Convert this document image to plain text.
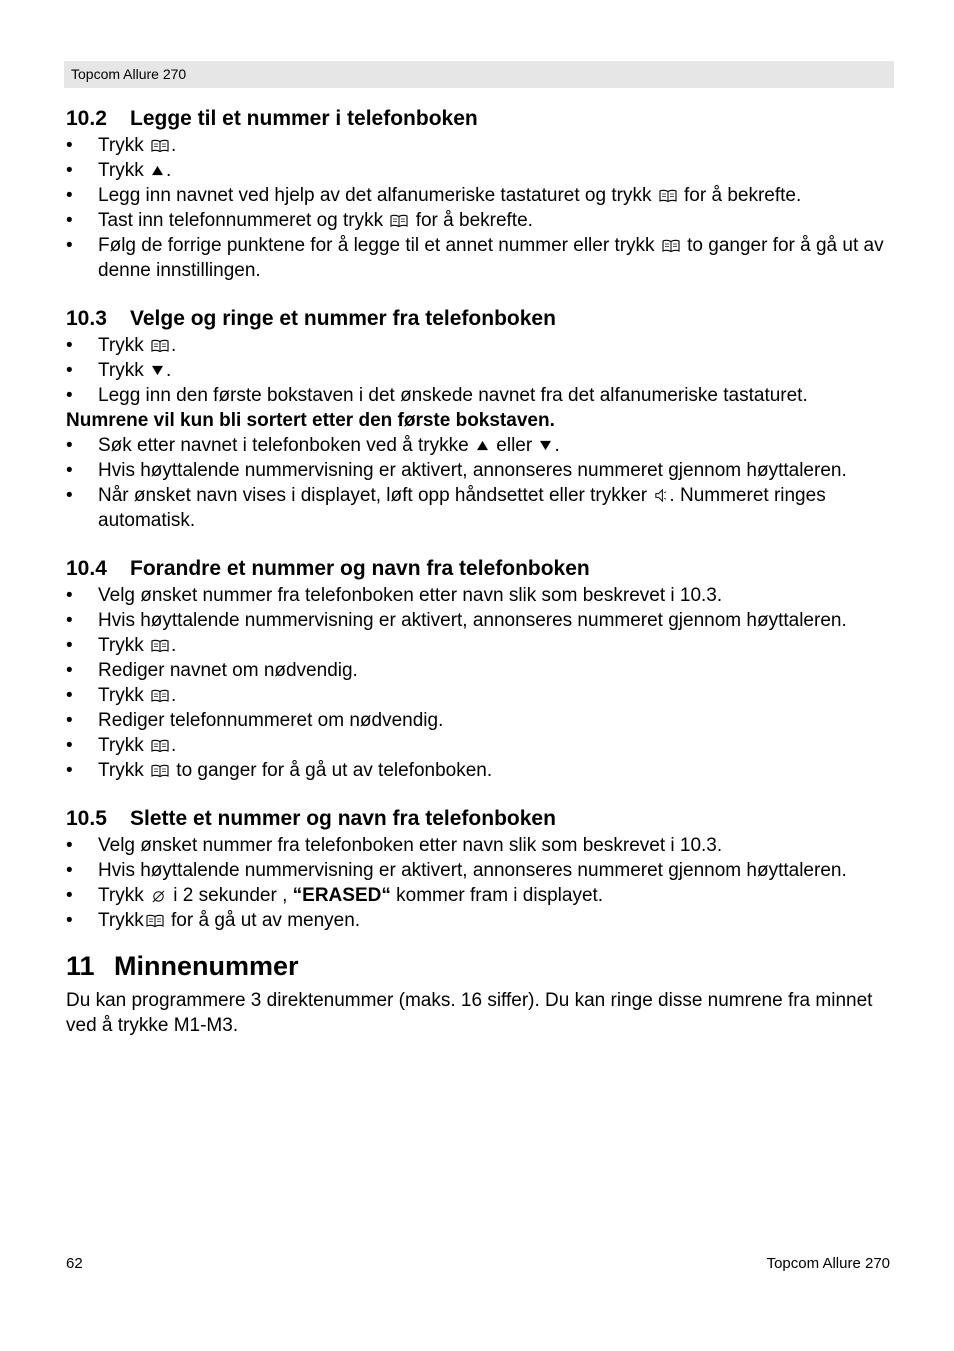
Topcom Allure 270
10.2 Legge til et nummer i telefonboken
• Trykk .
• Trykk .
• Legg inn navnet ved hjelp av det alfanumeriske tastaturet og trykk for å bekrefte.
• Tast inn telefonnummeret og trykk for å bekrefte.
• Følg de forrige punktene for å legge til et annet nummer eller trykk to ganger for å gå ut av denne innstillingen.
10.3 Velge og ringe et nummer fra telefonboken
• Trykk .
• Trykk .
• Legg inn den første bokstaven i det ønskede navnet fra det alfanumeriske tastaturet.
Numrene vil kun bli sortert etter den første bokstaven.
• Søk etter navnet i telefonboken ved å trykke eller .
• Hvis høyttalende nummervisning er aktivert, annonseres nummeret gjennom høyttaleren.
• Når ønsket navn vises i displayet, løft opp håndsettet eller trykker . Nummeret ringes automatisk.
10.4 Forandre et nummer og navn fra telefonboken
• Velg ønsket nummer fra telefonboken etter navn slik som beskrevet i 10.3.
• Hvis høyttalende nummervisning er aktivert, annonseres nummeret gjennom høyttaleren.
• Trykk .
• Rediger navnet om nødvendig.
• Trykk .
• Rediger telefonnummeret om nødvendig.
• Trykk .
• Trykk to ganger for å gå ut av telefonboken.
10.5 Slette et nummer og navn fra telefonboken
• Velg ønsket nummer fra telefonboken etter navn slik som beskrevet i 10.3.
• Hvis høyttalende nummervisning er aktivert, annonseres nummeret gjennom høyttaleren.
• Trykk i 2 sekunder , “ERASED“ kommer fram i displayet.
• Trykk for å gå ut av menyen.
11 Minnenummer

Du kan programmere 3 direktenummer (maks. 16 siffer). Du kan ringe disse numrene fra minnet ved å trykke M1-M3.

62	Topcom Allure 270
